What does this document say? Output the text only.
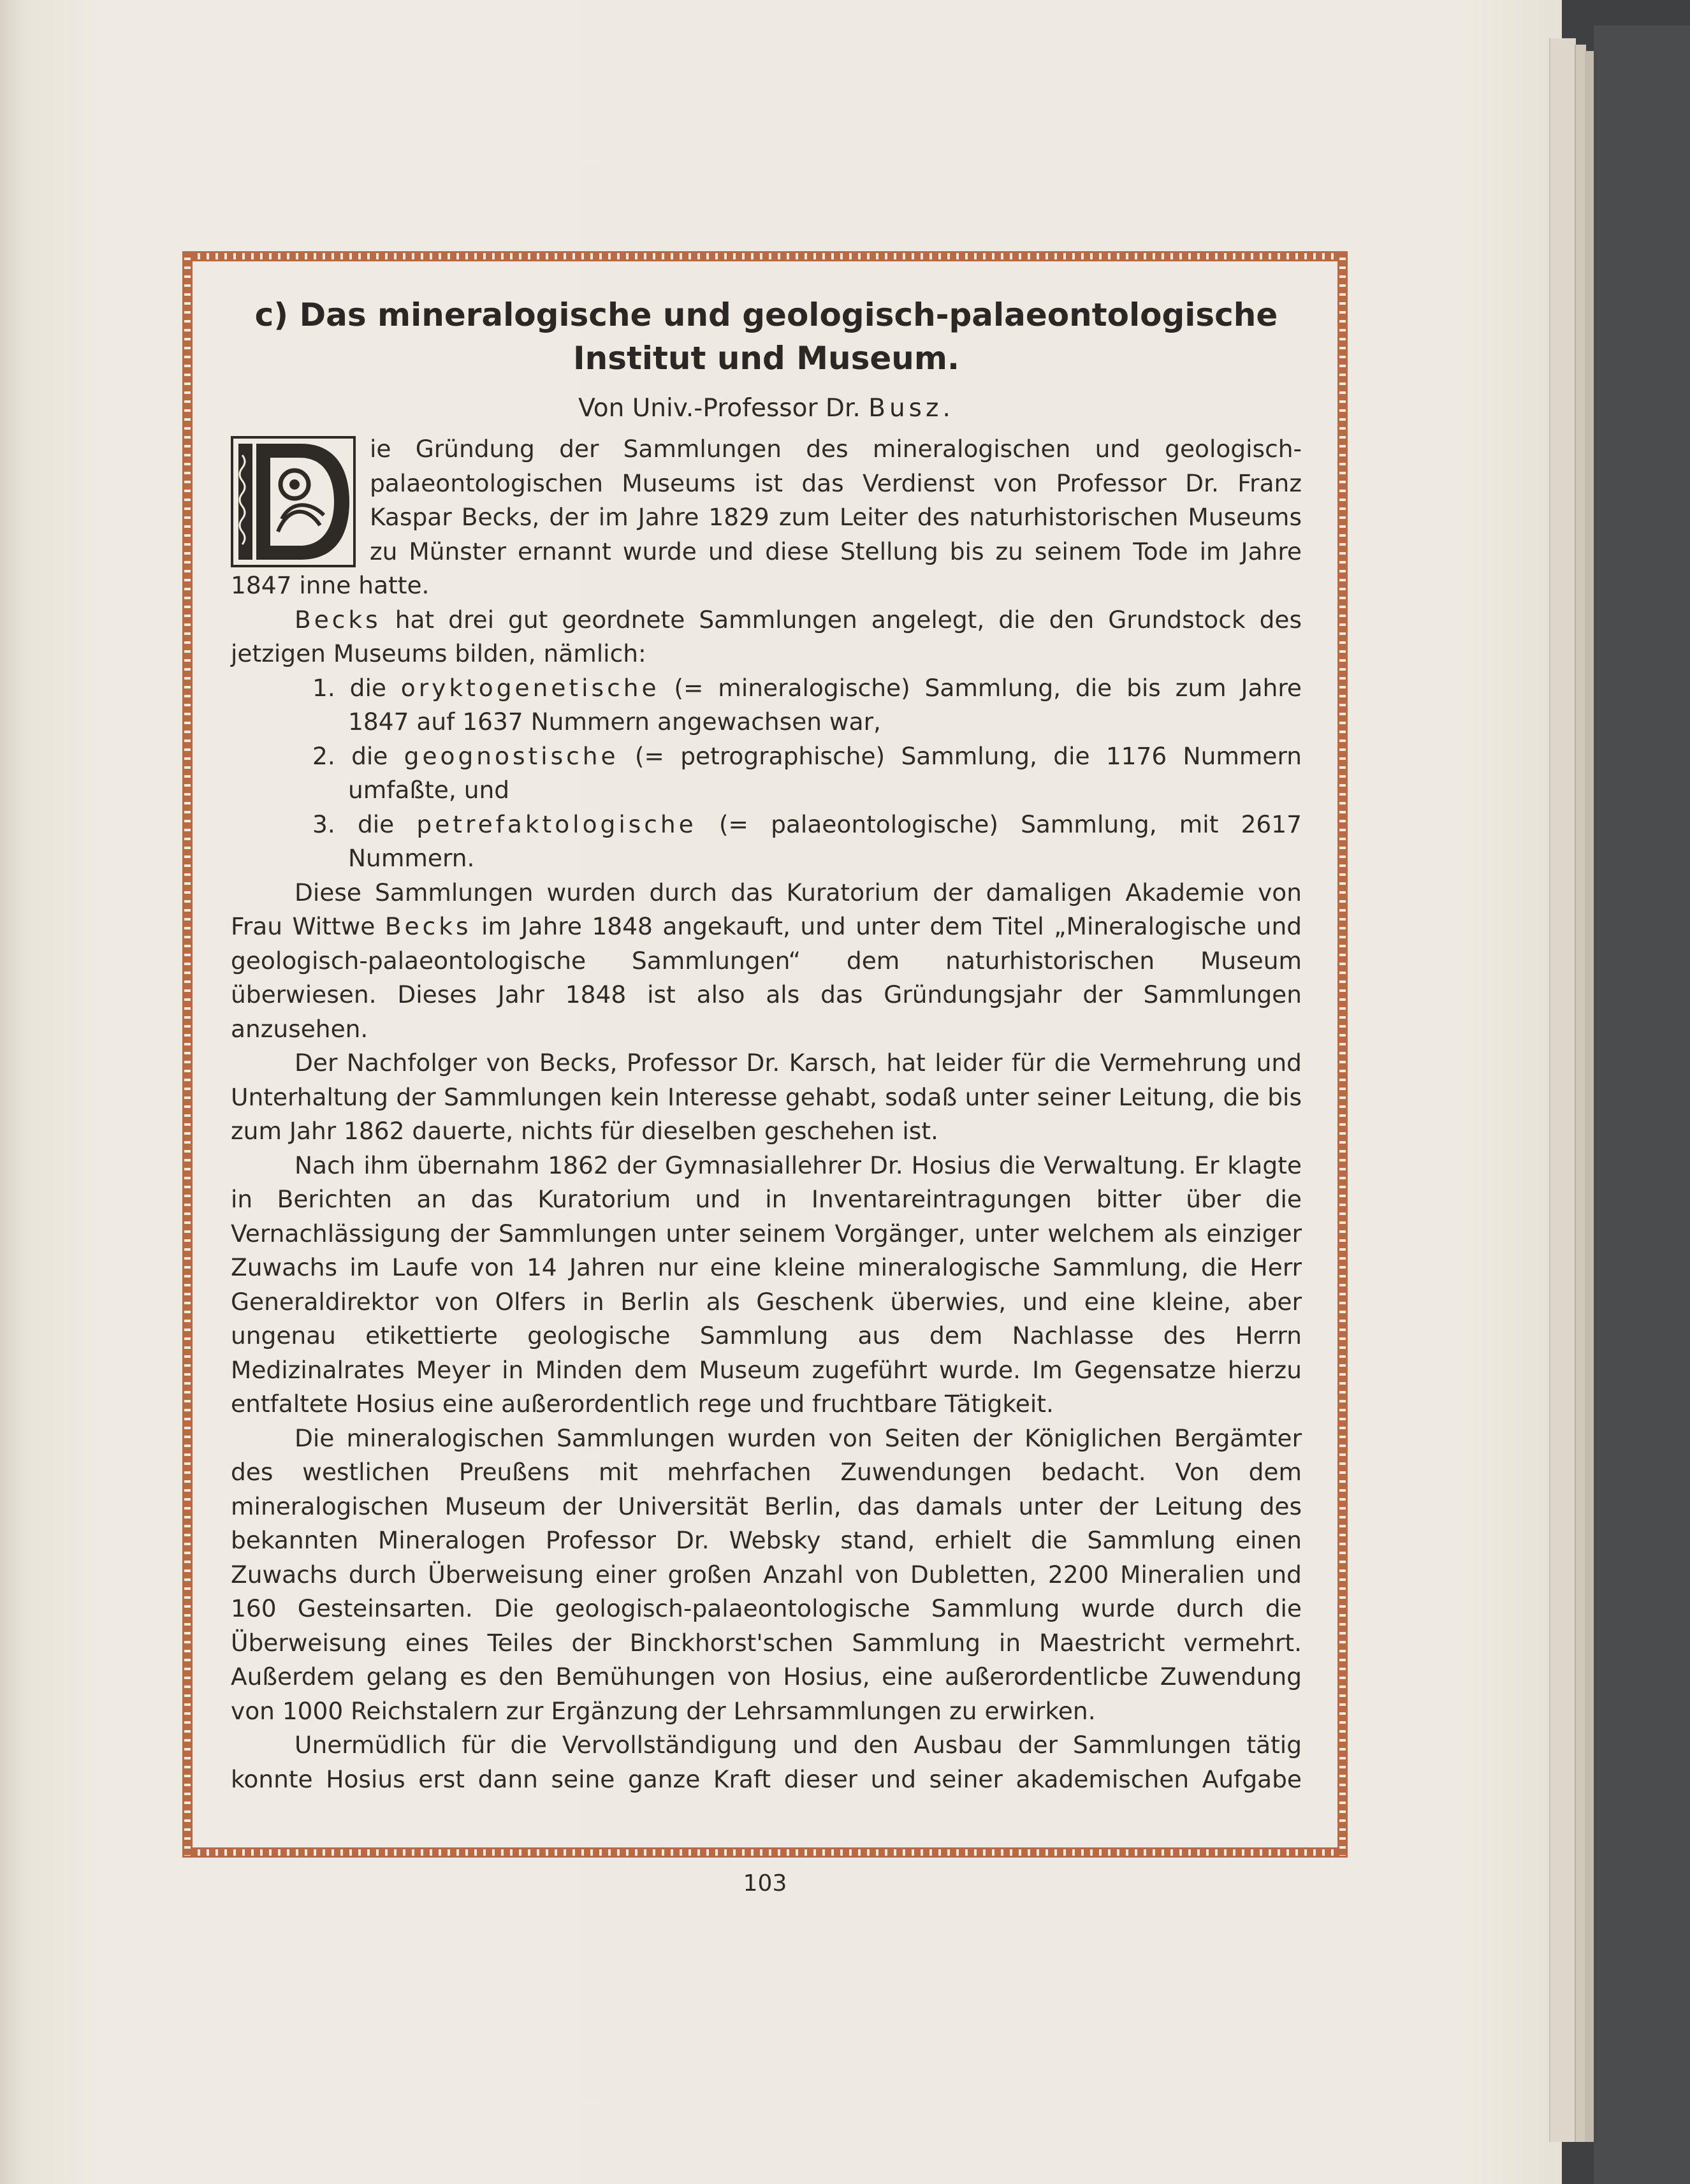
c) Das mineralogische und geologisch-palaeontologische
Institut und Museum.
Von Univ.-Professor Dr. Busz.

ie Gründung der Sammlungen des mineralogischen und geologisch-palaeontologischen Museums ist das Verdienst von Professor Dr. Franz Kaspar Becks, der im Jahre 1829 zum Leiter des naturhistorischen Museums zu Münster ernannt wurde und diese Stellung bis zu seinem Tode im Jahre 1847 inne hatte.

Becks hat drei gut geordnete Sammlungen angelegt, die den Grundstock des jetzigen Museums bilden, nämlich:

1. die oryktogenetische (= mineralogische) Sammlung, die bis zum Jahre 1847 auf 1637 Nummern angewachsen war,
2. die geognostische (= petrographische) Sammlung, die 1176 Nummern umfaßte, und
3. die petrefaktologische (= palaeontologische) Sammlung, mit 2617 Nummern.

Diese Sammlungen wurden durch das Kuratorium der damaligen Akademie von Frau Wittwe Becks im Jahre 1848 angekauft, und unter dem Titel „Mineralogische und geologisch-palaeontologische Sammlungen“ dem naturhistorischen Museum überwiesen. Dieses Jahr 1848 ist also als das Gründungsjahr der Sammlungen anzusehen.

Der Nachfolger von Becks, Professor Dr. Karsch, hat leider für die Vermehrung und Unterhaltung der Sammlungen kein Interesse gehabt, sodaß unter seiner Leitung, die bis zum Jahr 1862 dauerte, nichts für dieselben geschehen ist.

Nach ihm übernahm 1862 der Gymnasiallehrer Dr. Hosius die Verwaltung. Er klagte in Berichten an das Kuratorium und in Inventareintragungen bitter über die Vernachlässigung der Sammlungen unter seinem Vorgänger, unter welchem als einziger Zuwachs im Laufe von 14 Jahren nur eine kleine mineralogische Sammlung, die Herr Generaldirektor von Olfers in Berlin als Geschenk überwies, und eine kleine, aber ungenau etikettierte geologische Sammlung aus dem Nachlasse des Herrn Medizinalrates Meyer in Minden dem Museum zugeführt wurde. Im Gegensatze hierzu entfaltete Hosius eine außerordentlich rege und fruchtbare Tätigkeit.

Die mineralogischen Sammlungen wurden von Seiten der Königlichen Bergämter des westlichen Preußens mit mehrfachen Zuwendungen bedacht. Von dem mineralogischen Museum der Universität Berlin, das damals unter der Leitung des bekannten Mineralogen Professor Dr. Websky stand, erhielt die Sammlung einen Zuwachs durch Überweisung einer großen Anzahl von Dubletten, 2200 Mineralien und 160 Gesteinsarten. Die geologisch-palaeontologische Sammlung wurde durch die Überweisung eines Teiles der Binckhorst'schen Sammlung in Maestricht vermehrt. Außerdem gelang es den Bemühungen von Hosius, eine außerordentlicbe Zuwendung von 1000 Reichstalern zur Ergänzung der Lehrsammlungen zu erwirken.

Unermüdlich für die Vervollständigung und den Ausbau der Sammlungen tätig konnte Hosius erst dann seine ganze Kraft dieser und seiner akademischen Aufgabe

103
